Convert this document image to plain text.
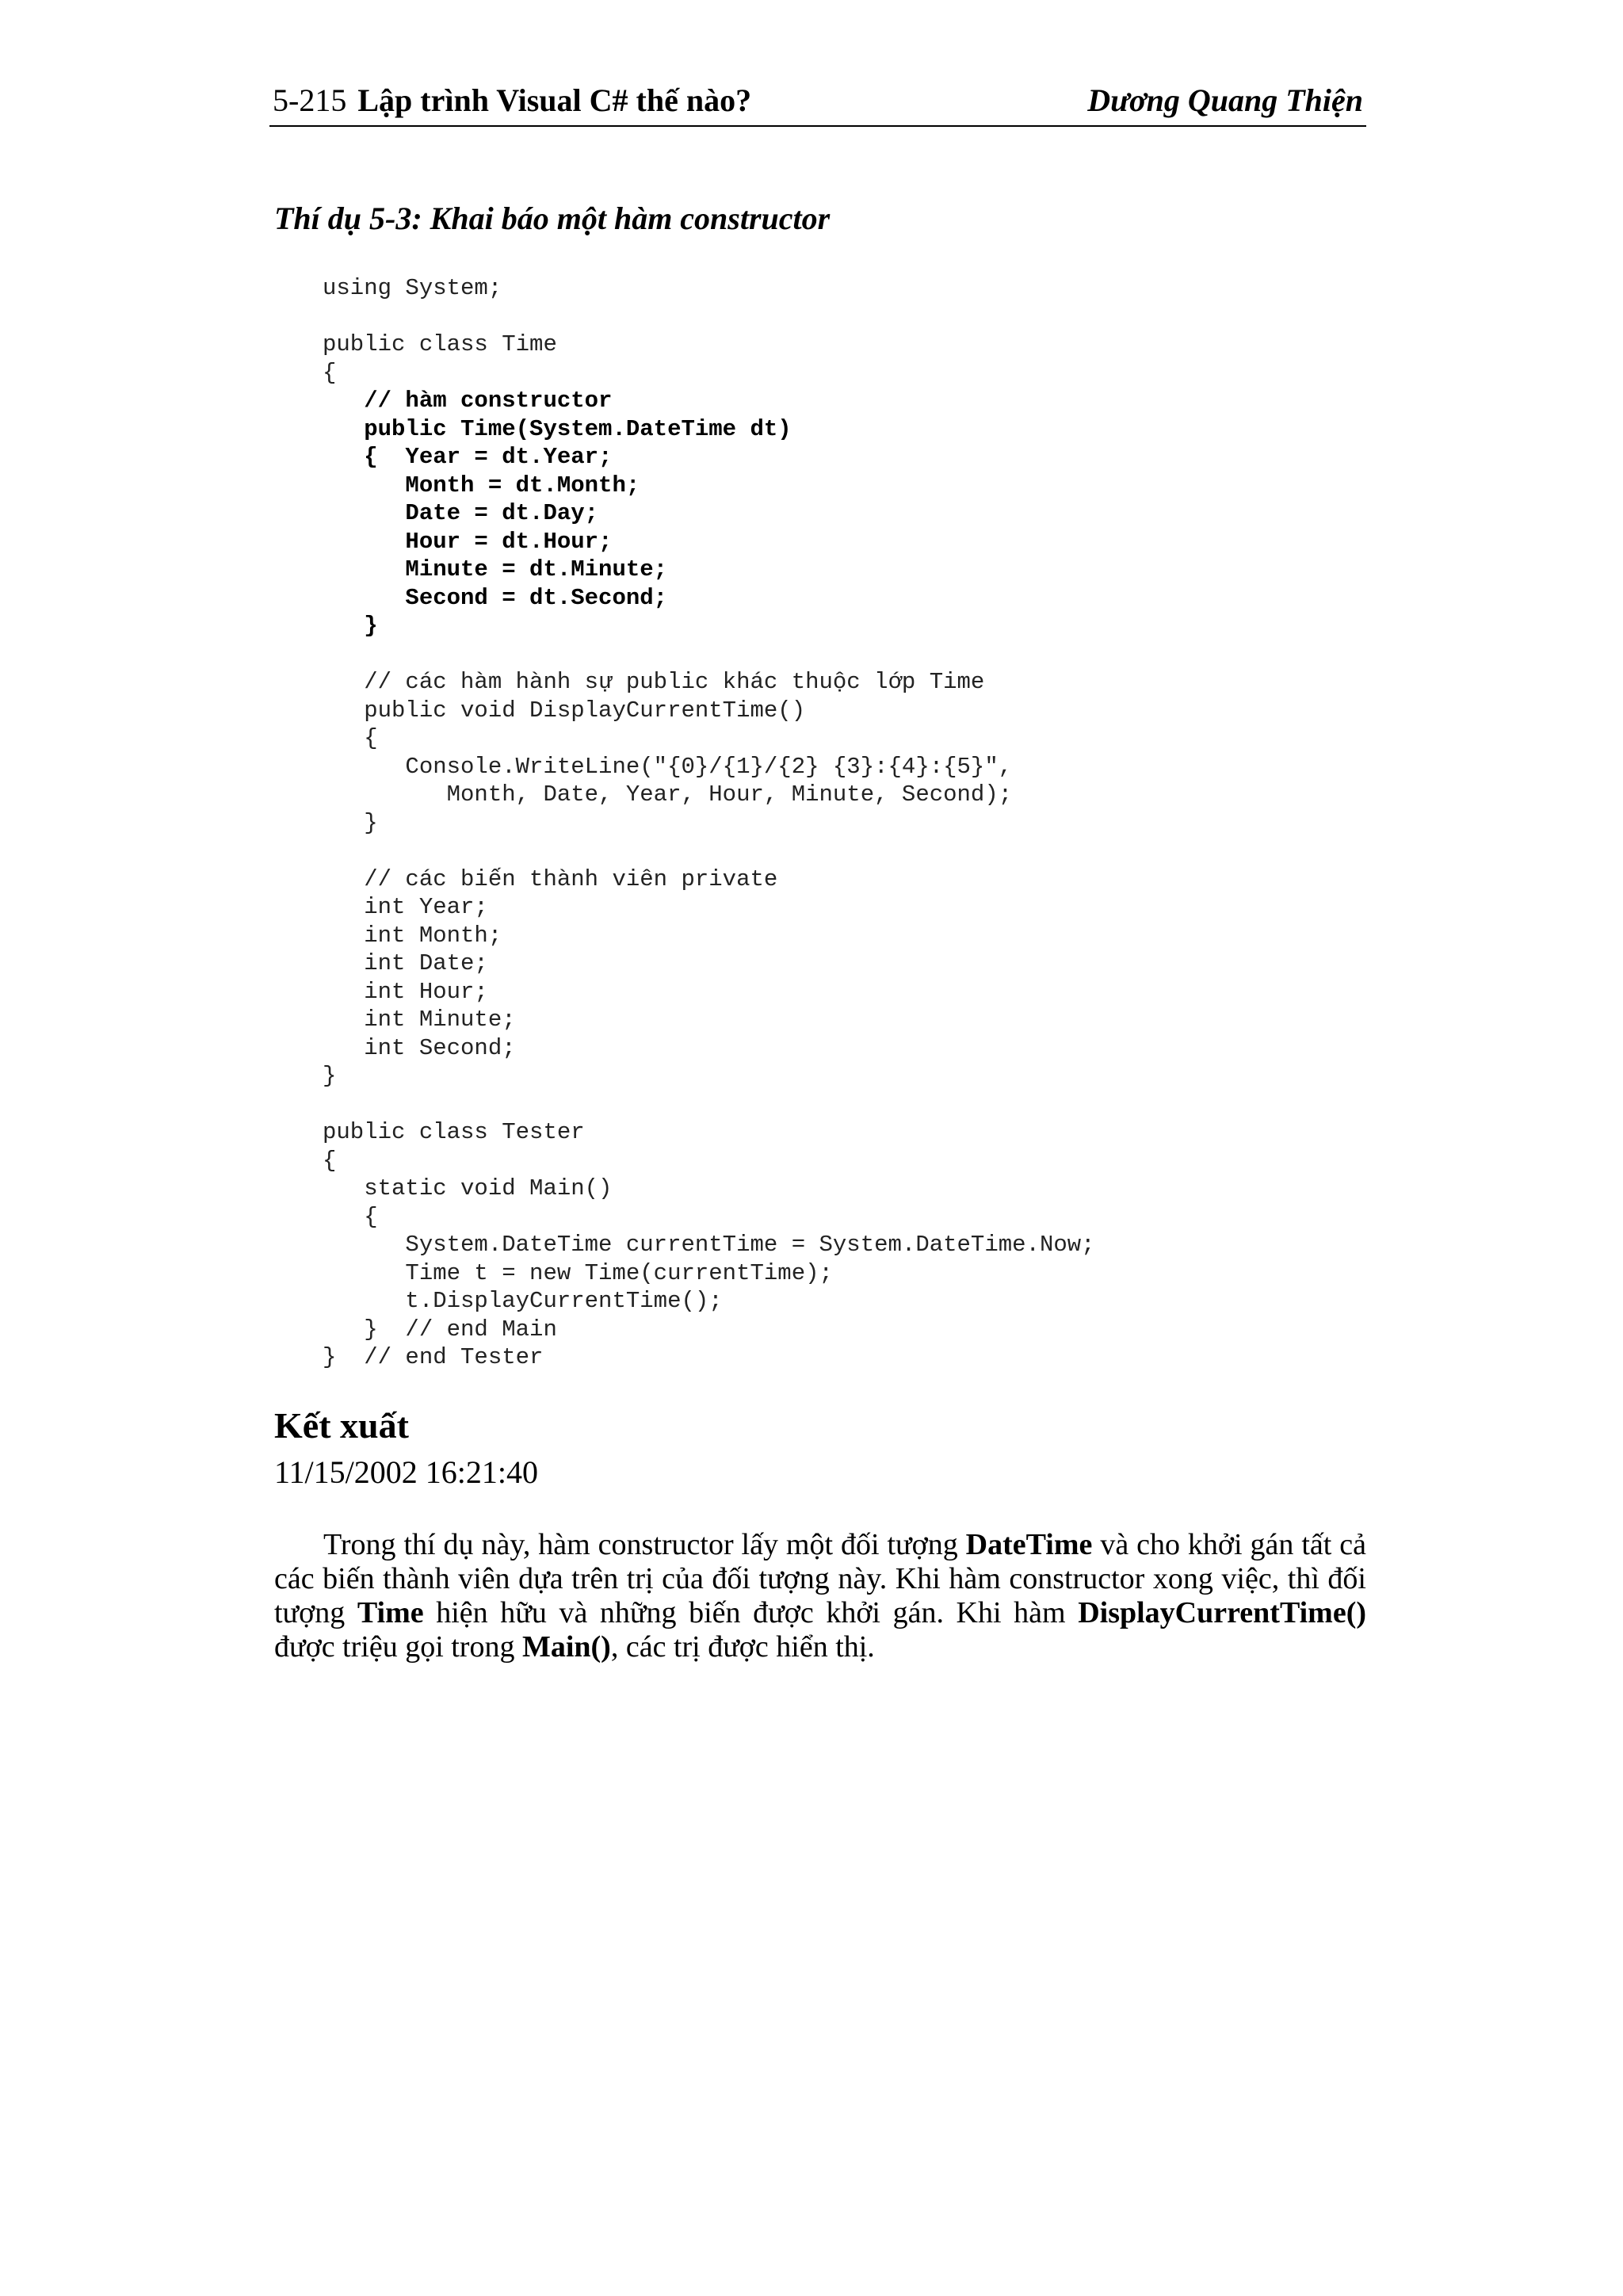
5-215 Lập trình Visual C# thế nào?	Dương Quang Thiện
Thí dụ 5-3: Khai báo một hàm constructor
using System;
public class Time
{
// hàm constructor
public Time(System.DateTime dt)
{  Year = dt.Year;
Month = dt.Month;
Date = dt.Day;
Hour = dt.Hour;
Minute = dt.Minute;
Second = dt.Second;
}
// các hàm hành sự public khác thuộc lớp Time
public void DisplayCurrentTime()
{
Console.WriteLine("{0}/{1}/{2} {3}:{4}:{5}",
Month, Date, Year, Hour, Minute, Second);
}
// các biến thành viên private
int Year;
int Month;
int Date;
int Hour;
int Minute;
int Second;
}
public class Tester
{
static void Main()
{
System.DateTime currentTime = System.DateTime.Now;
Time t = new Time(currentTime);
t.DisplayCurrentTime();
}  // end Main
}  // end Tester
Kết xuất
11/15/2002 16:21:40

Trong thí dụ này, hàm constructor lấy một đối tượng DateTime và cho khởi gán tất cả các biến thành viên dựa trên trị của đối tượng này. Khi hàm constructor xong việc, thì đối tượng Time hiện hữu và những biến được khởi gán. Khi hàm DisplayCurrentTime() được triệu gọi trong Main(), các trị được hiển thị.
